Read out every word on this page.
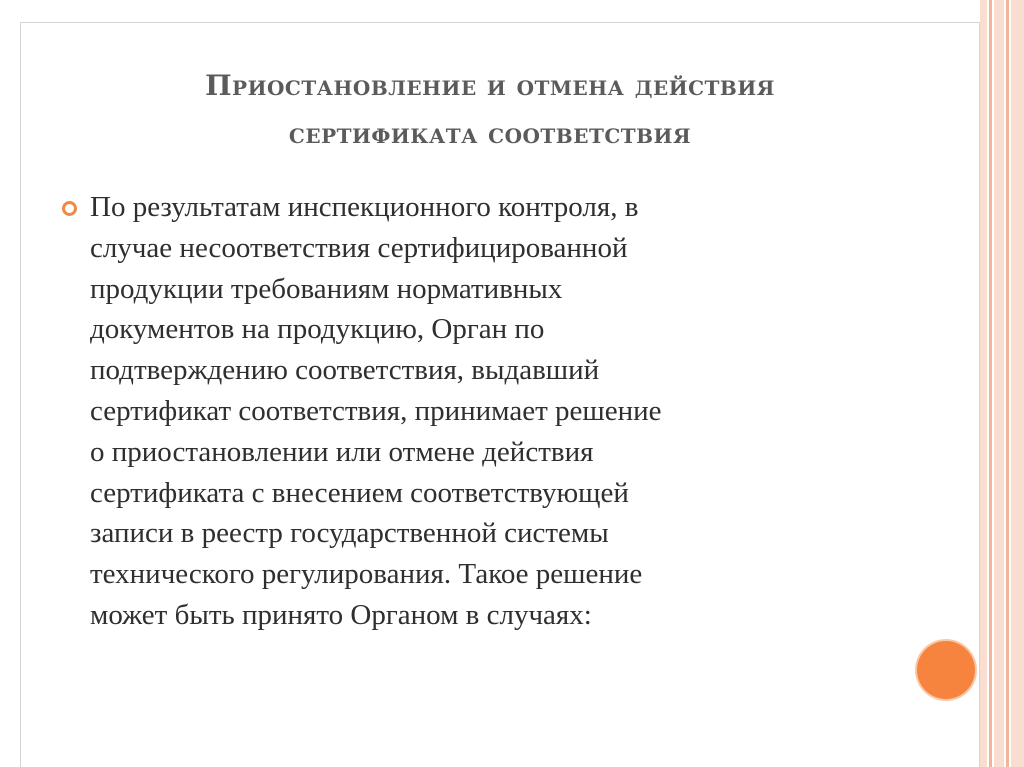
Приостановление и отмена действия
сертификата соответствия
По результатам инспекционного контроля, в
случае несоответствия сертифицированной
продукции требованиям нормативных
документов на продукцию, Орган по
подтверждению соответствия, выдавший
сертификат соответствия, принимает решение
о приостановлении или отмене действия
сертификата с внесением соответствующей
записи в реестр государственной системы
технического регулирования. Такое решение
может быть принято Органом в случаях:
